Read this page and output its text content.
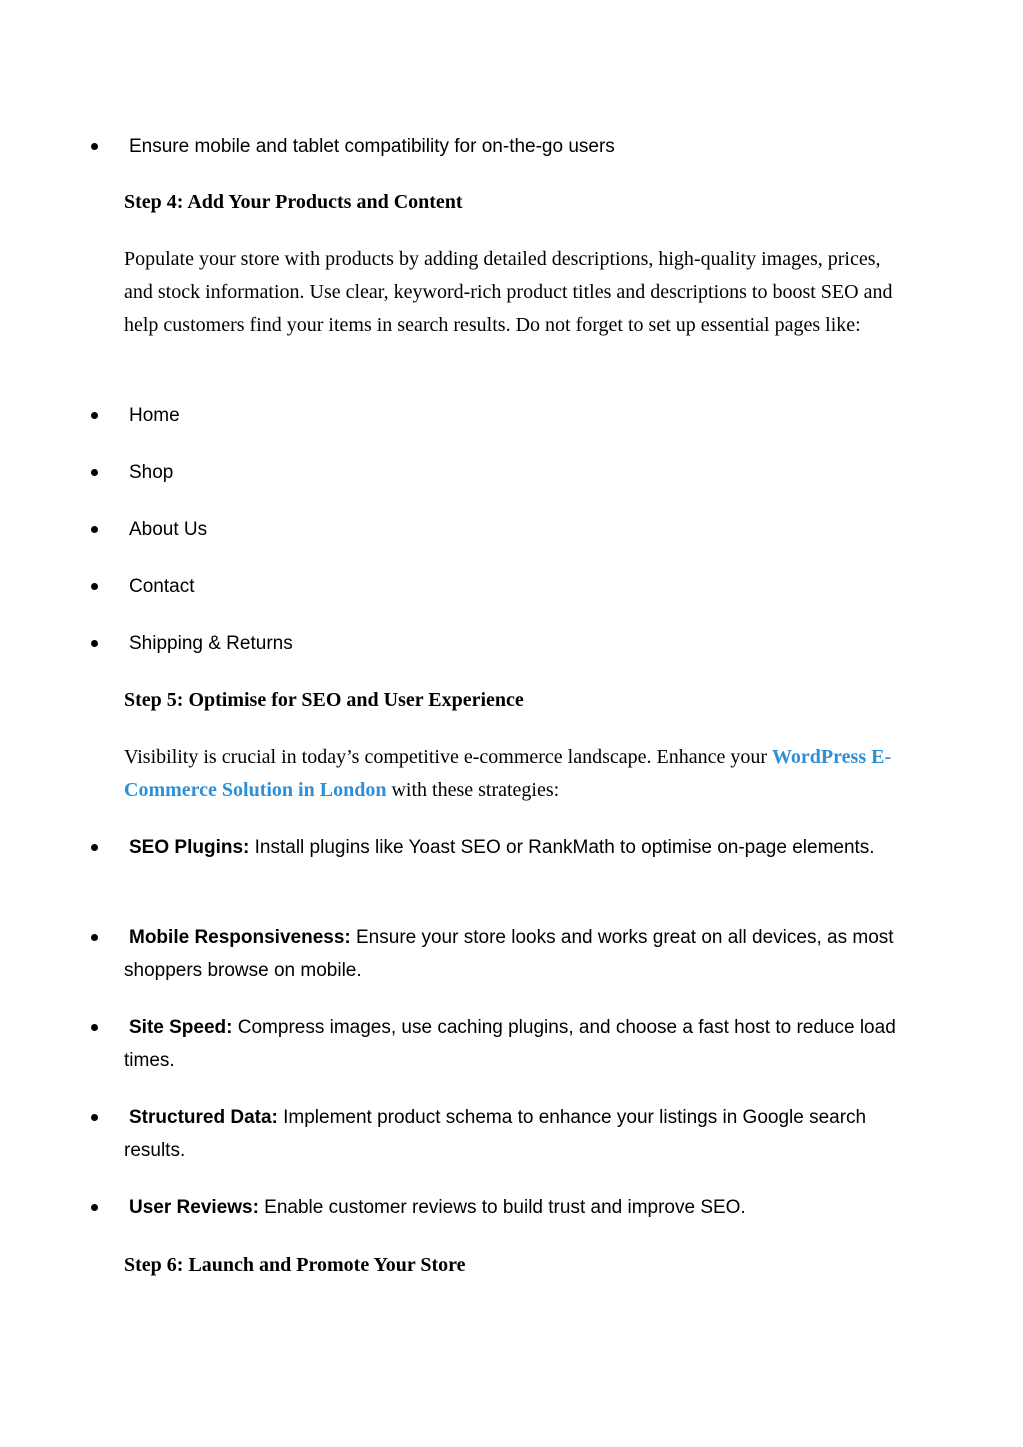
Ensure mobile and tablet compatibility for on-the-go users
Step 4: Add Your Products and Content
Populate your store with products by adding detailed descriptions, high-quality images, prices, and stock information. Use clear, keyword-rich product titles and descriptions to boost SEO and help customers find your items in search results. Do not forget to set up essential pages like:
Home
Shop
About Us
Contact
Shipping & Returns
Step 5: Optimise for SEO and User Experience
Visibility is crucial in today’s competitive e-commerce landscape. Enhance your WordPress E-Commerce Solution in London with these strategies:
SEO Plugins: Install plugins like Yoast SEO or RankMath to optimise on-page elements.
Mobile Responsiveness: Ensure your store looks and works great on all devices, as most shoppers browse on mobile.
Site Speed: Compress images, use caching plugins, and choose a fast host to reduce load times.
Structured Data: Implement product schema to enhance your listings in Google search results.
User Reviews: Enable customer reviews to build trust and improve SEO.
Step 6: Launch and Promote Your Store
